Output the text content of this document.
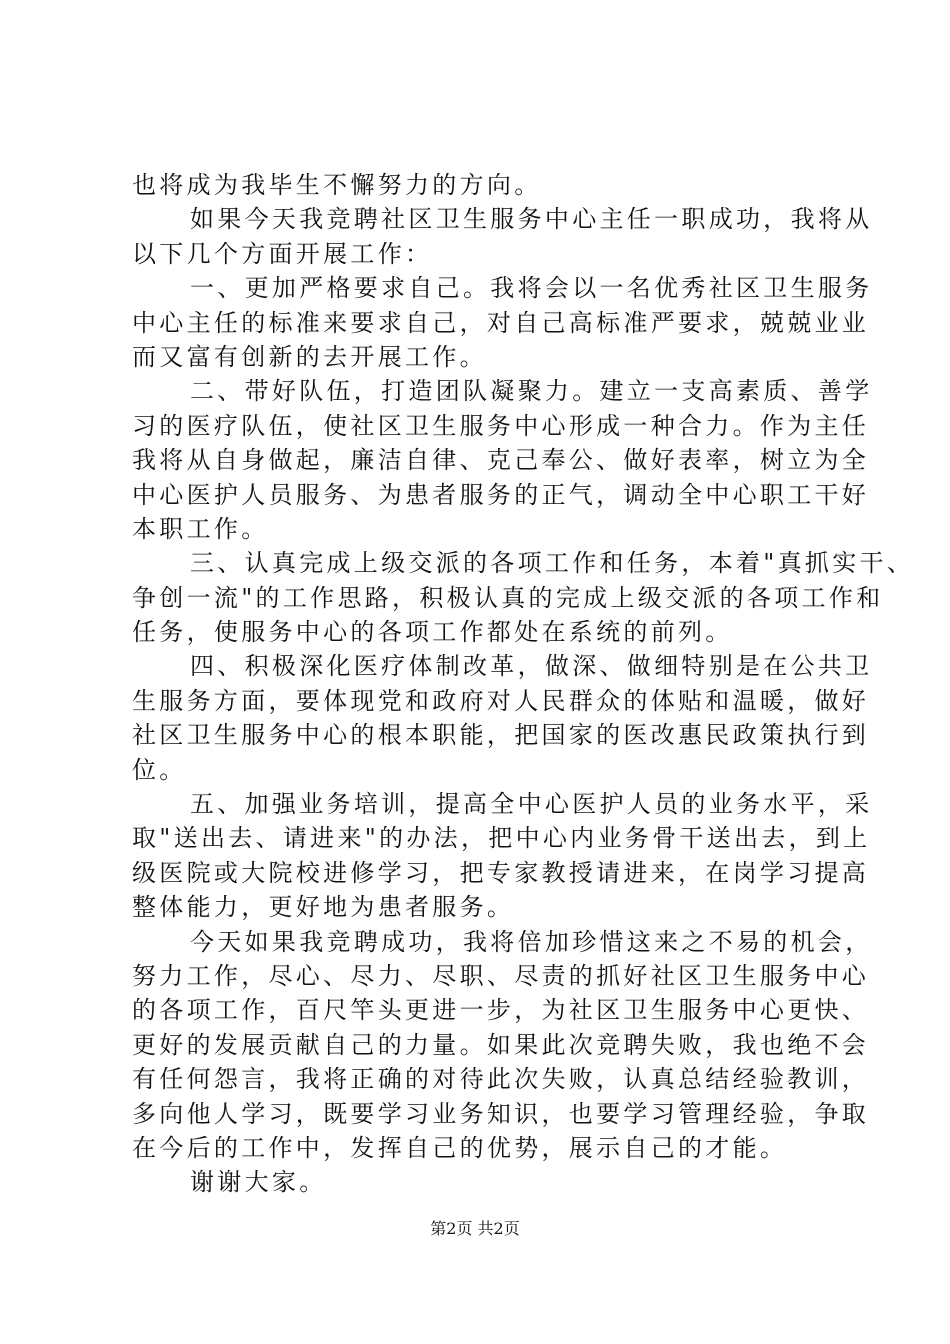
也将成为我毕生不懈努力的方向。
如果今天我竞聘社区卫生服务中心主任一职成功，我将从
以下几个方面开展工作：
一、更加严格要求自己。我将会以一名优秀社区卫生服务
中心主任的标准来要求自己，对自己高标准严要求，兢兢业业
而又富有创新的去开展工作。
二、带好队伍，打造团队凝聚力。建立一支高素质、善学
习的医疗队伍，使社区卫生服务中心形成一种合力。作为主任
我将从自身做起，廉洁自律、克己奉公、做好表率，树立为全
中心医护人员服务、为患者服务的正气，调动全中心职工干好
本职工作。
三、认真完成上级交派的各项工作和任务，本着"真抓实干、
争创一流"的工作思路，积极认真的完成上级交派的各项工作和
任务，使服务中心的各项工作都处在系统的前列。
四、积极深化医疗体制改革，做深、做细特别是在公共卫
生服务方面，要体现党和政府对人民群众的体贴和温暖，做好
社区卫生服务中心的根本职能，把国家的医改惠民政策执行到
位。
五、加强业务培训，提高全中心医护人员的业务水平，采
取"送出去、请进来"的办法，把中心内业务骨干送出去，到上
级医院或大院校进修学习，把专家教授请进来，在岗学习提高
整体能力，更好地为患者服务。
今天如果我竞聘成功，我将倍加珍惜这来之不易的机会，
努力工作，尽心、尽力、尽职、尽责的抓好社区卫生服务中心
的各项工作，百尺竿头更进一步，为社区卫生服务中心更快、
更好的发展贡献自己的力量。如果此次竞聘失败，我也绝不会
有任何怨言，我将正确的对待此次失败，认真总结经验教训，
多向他人学习，既要学习业务知识，也要学习管理经验，争取
在今后的工作中，发挥自己的优势，展示自己的才能。
谢谢大家。
第2页 共2页
